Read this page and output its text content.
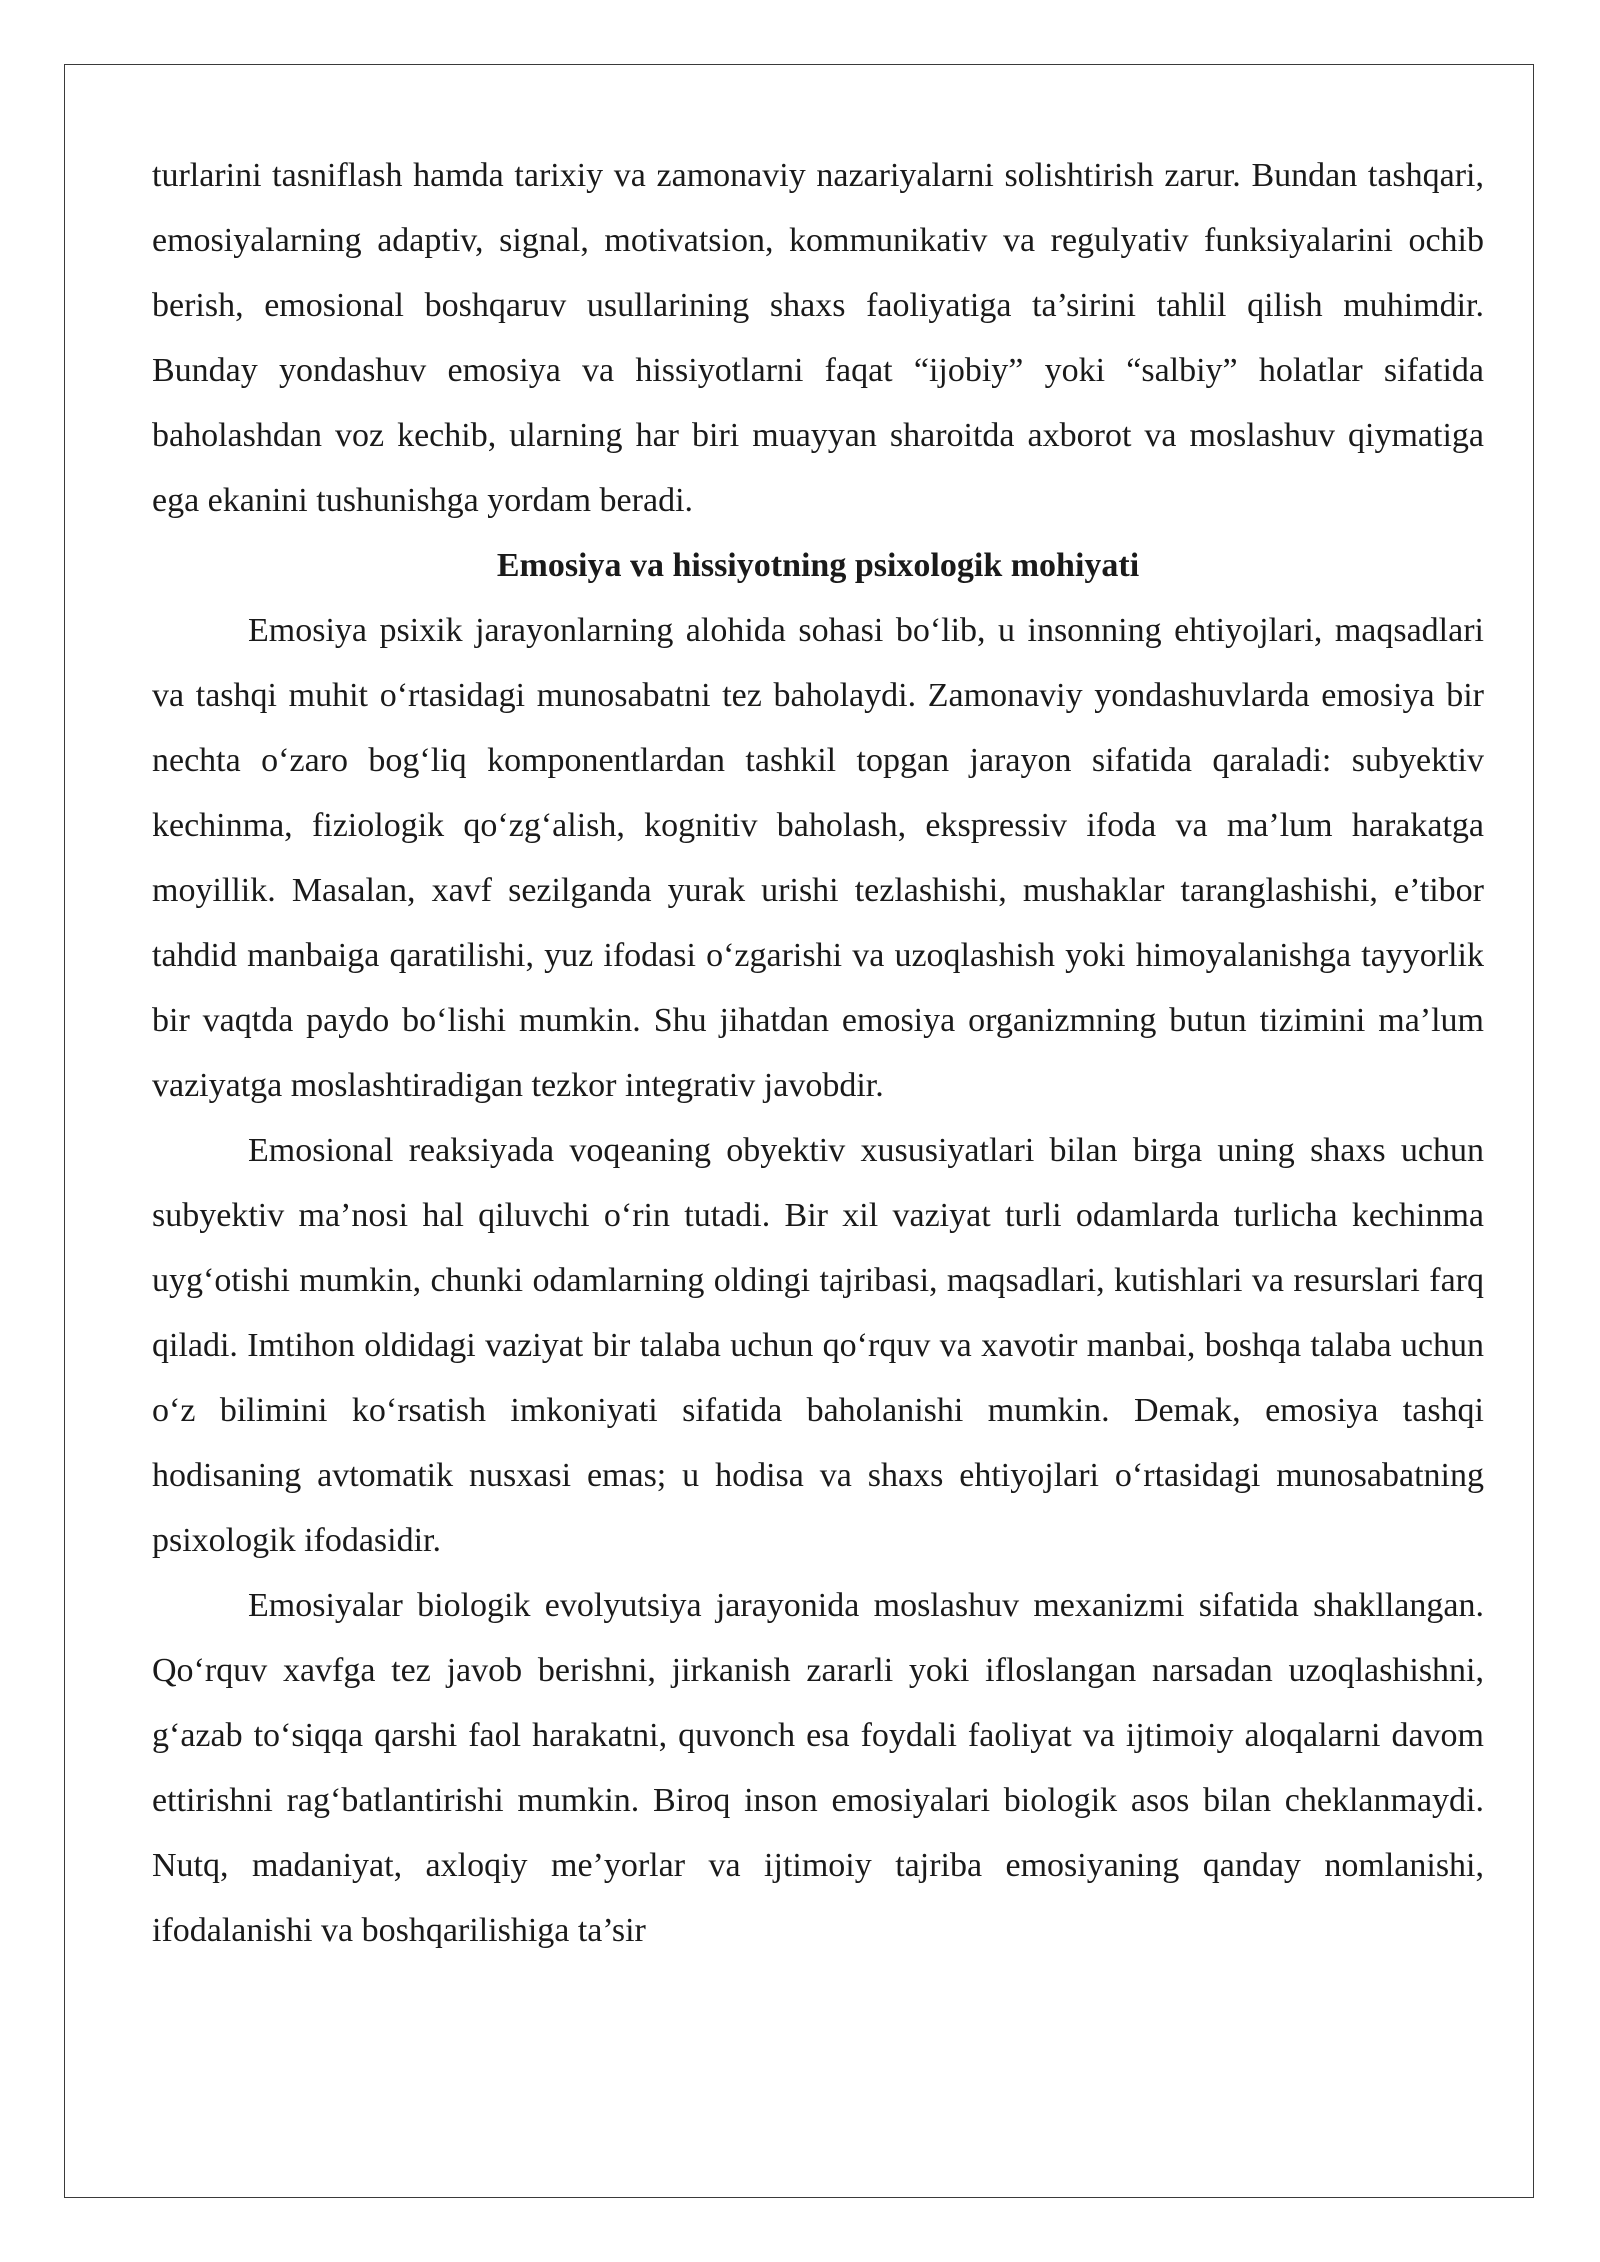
turlarini tasniflash hamda tarixiy va zamonaviy nazariyalarni solishtirish zarur. Bundan tashqari, emosiyalarning adaptiv, signal, motivatsion, kommunikativ va regulyativ funksiyalarini ochib berish, emosional boshqaruv usullarining shaxs faoliyatiga ta’sirini tahlil qilish muhimdir. Bunday yondashuv emosiya va hissiyotlarni faqat “ijobiy” yoki “salbiy” holatlar sifatida baholashdan voz kechib, ularning har biri muayyan sharoitda axborot va moslashuv qiymatiga ega ekanini tushunishga yordam beradi.

Emosiya va hissiyotning psixologik mohiyati

Emosiya psixik jarayonlarning alohida sohasi bo‘lib, u insonning ehtiyojlari, maqsadlari va tashqi muhit o‘rtasidagi munosabatni tez baholaydi. Zamonaviy yondashuvlarda emosiya bir nechta o‘zaro bog‘liq komponentlardan tashkil topgan jarayon sifatida qaraladi: subyektiv kechinma, fiziologik qo‘zg‘alish, kognitiv baholash, ekspressiv ifoda va ma’lum harakatga moyillik. Masalan, xavf sezilganda yurak urishi tezlashishi, mushaklar taranglashishi, e’tibor tahdid manbaiga qaratilishi, yuz ifodasi o‘zgarishi va uzoqlashish yoki himoyalanishga tayyorlik bir vaqtda paydo bo‘lishi mumkin. Shu jihatdan emosiya organizmning butun tizimini ma’lum vaziyatga moslashtiradigan tezkor integrativ javobdir.

Emosional reaksiyada voqeaning obyektiv xususiyatlari bilan birga uning shaxs uchun subyektiv ma’nosi hal qiluvchi o‘rin tutadi. Bir xil vaziyat turli odamlarda turlicha kechinma uyg‘otishi mumkin, chunki odamlarning oldingi tajribasi, maqsadlari, kutishlari va resurslari farq qiladi. Imtihon oldidagi vaziyat bir talaba uchun qo‘rquv va xavotir manbai, boshqa talaba uchun o‘z bilimini ko‘rsatish imkoniyati sifatida baholanishi mumkin. Demak, emosiya tashqi hodisaning avtomatik nusxasi emas; u hodisa va shaxs ehtiyojlari o‘rtasidagi munosabatning psixologik ifodasidir.

Emosiyalar biologik evolyutsiya jarayonida moslashuv mexanizmi sifatida shakllangan. Qo‘rquv xavfga tez javob berishni, jirkanish zararli yoki ifloslangan narsadan uzoqlashishni, g‘azab to‘siqqa qarshi faol harakatni, quvonch esa foydali faoliyat va ijtimoiy aloqalarni davom ettirishni rag‘batlantirishi mumkin. Biroq inson emosiyalari biologik asos bilan cheklanmaydi. Nutq, madaniyat, axloqiy me’yorlar va ijtimoiy tajriba emosiyaning qanday nomlanishi, ifodalanishi va boshqarilishiga ta’sir
